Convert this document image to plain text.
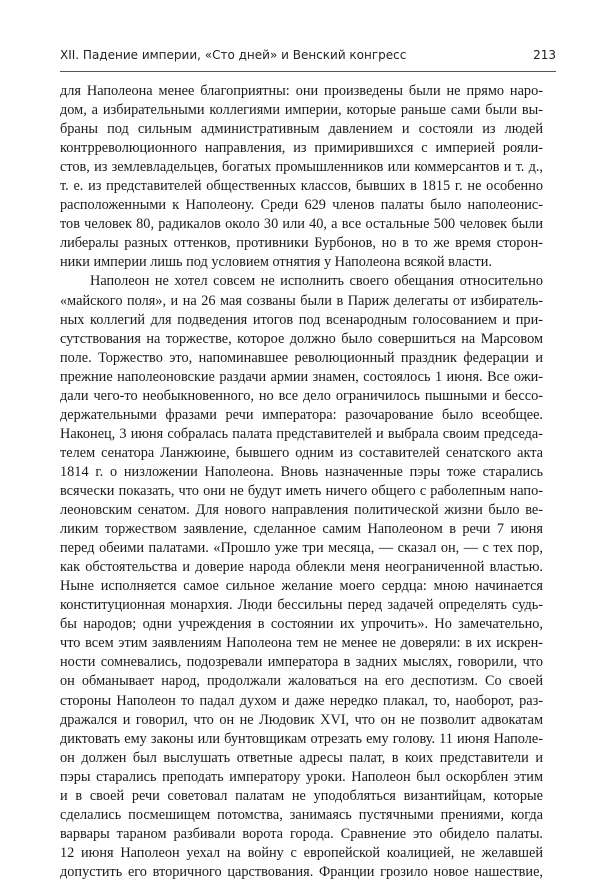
XII. Падение империи, «Сто дней» и Венский конгресс	213
для Наполеона менее благоприятны: они произведены были не прямо наро-
дом, а избирательными коллегиями империи, которые раньше сами были вы-
браны под сильным административным давлением и состояли из людей
контрреволюционного направления, из примирившихся с империей рояли-
стов, из землевладельцев, богатых промышленников или коммерсантов и т. д.,
т. е. из представителей общественных классов, бывших в 1815 г. не особенно
расположенными к Наполеону. Среди 629 членов палаты было наполеонис-
тов человек 80, радикалов около 30 или 40, а все остальные 500 человек были
либералы разных оттенков, противники Бурбонов, но в то же время сторон-
ники империи лишь под условием отнятия у Наполеона всякой власти.
Наполеон не хотел совсем не исполнить своего обещания относительно
«майского поля», и на 26 мая созваны были в Париж делегаты от избиратель-
ных коллегий для подведения итогов под всенародным голосованием и при-
сутствования на торжестве, которое должно было совершиться на Марсовом
поле. Торжество это, напоминавшее революционный праздник федерации и
прежние наполеоновские раздачи армии знамен, состоялось 1 июня. Все ожи-
дали чего-то необыкновенного, но все дело ограничилось пышными и бессо-
держательными фразами речи императора: разочарование было всеобщее.
Наконец, 3 июня собралась палата представителей и выбрала своим председа-
телем сенатора Ланжюине, бывшего одним из составителей сенатского акта
1814 г. о низложении Наполеона. Вновь назначенные пэры тоже старались
всячески показать, что они не будут иметь ничего общего с раболепным напо-
леоновским сенатом. Для нового направления политической жизни было ве-
ликим торжеством заявление, сделанное самим Наполеоном в речи 7 июня
перед обеими палатами. «Прошло уже три месяца, — сказал он, — с тех пор,
как обстоятельства и доверие народа облекли меня неограниченной властью.
Ныне исполняется самое сильное желание моего сердца: мною начинается
конституционная монархия. Люди бессильны перед задачей определять судь-
бы народов; одни учреждения в состоянии их упрочить». Но замечательно,
что всем этим заявлениям Наполеона тем не менее не доверяли: в их искрен-
ности сомневались, подозревали императора в задних мыслях, говорили, что
он обманывает народ, продолжали жаловаться на его деспотизм. Со своей
стороны Наполеон то падал духом и даже нередко плакал, то, наоборот, раз-
дражался и говорил, что он не Людовик XVI, что он не позволит адвокатам
диктовать ему законы или бунтовщикам отрезать ему голову. 11 июня Наполе-
он должен был выслушать ответные адресы палат, в коих представители и
пэры старались преподать императору уроки. Наполеон был оскорблен этим
и в своей речи советовал палатам не уподобляться византийцам, которые
сделались посмешищем потомства, занимаясь пустячными прениями, когда
варвары тараном разбивали ворота города. Сравнение это обидело палаты.
12 июня Наполеон уехал на войну с европейской коалицией, не желавшей
допустить его вторичного царствования. Франции грозило новое нашествие,
